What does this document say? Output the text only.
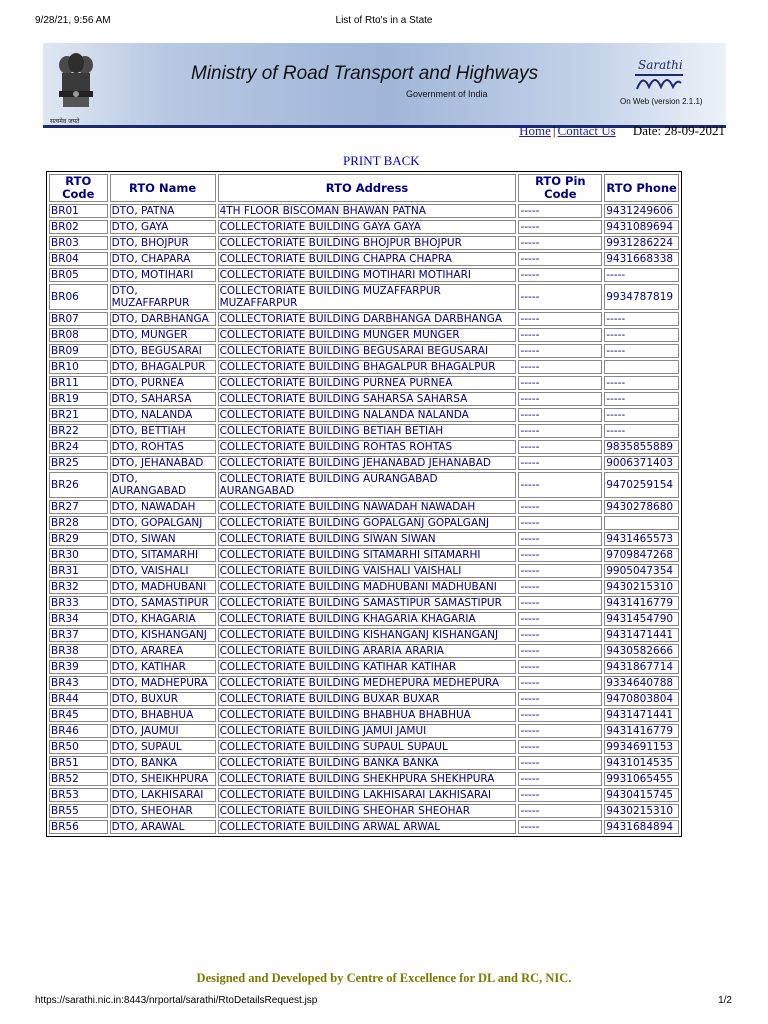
9/28/21, 9:56 AM	List of Rto's in a State
सत्यमेव जयते
Ministry of Road Transport and Highways
Government of India
Sarathi
On Web (version 2.1.1)
Home | Contact Us Date: 28-09-2021
PRINT BACK
RTO Code	RTO Name	RTO Address	RTO Pin Code	RTO Phone
BR01	DTO, PATNA	4TH FLOOR BISCOMAN BHAWAN PATNA	-----	9431249606
BR02	DTO, GAYA	COLLECTORIATE BUILDING GAYA GAYA	-----	9431089694
BR03	DTO, BHOJPUR	COLLECTORIATE BUILDING BHOJPUR BHOJPUR	-----	9931286224
BR04	DTO, CHAPARA	COLLECTORIATE BUILDING CHAPRA CHAPRA	-----	9431668338
BR05	DTO, MOTIHARI	COLLECTORIATE BUILDING MOTIHARI MOTIHARI	-----	-----
BR06	DTO, MUZAFFARPUR	COLLECTORIATE BUILDING MUZAFFARPUR MUZAFFARPUR	-----	9934787819
BR07	DTO, DARBHANGA	COLLECTORIATE BUILDING DARBHANGA DARBHANGA	-----	-----
BR08	DTO, MUNGER	COLLECTORIATE BUILDING MUNGER MUNGER	-----	-----
BR09	DTO, BEGUSARAI	COLLECTORIATE BUILDING BEGUSARAI BEGUSARAI	-----	-----
BR10	DTO, BHAGALPUR	COLLECTORIATE BUILDING BHAGALPUR BHAGALPUR	-----	
BR11	DTO, PURNEA	COLLECTORIATE BUILDING PURNEA PURNEA	-----	-----
BR19	DTO, SAHARSA	COLLECTORIATE BUILDING SAHARSA SAHARSA	-----	-----
BR21	DTO, NALANDA	COLLECTORIATE BUILDING NALANDA NALANDA	-----	-----
BR22	DTO, BETTIAH	COLLECTORIATE BUILDING BETIAH BETIAH	-----	-----
BR24	DTO, ROHTAS	COLLECTORIATE BUILDING ROHTAS ROHTAS	-----	9835855889
BR25	DTO, JEHANABAD	COLLECTORIATE BUILDING JEHANABAD JEHANABAD	-----	9006371403
BR26	DTO, AURANGABAD	COLLECTORIATE BUILDING AURANGABAD AURANGABAD	-----	9470259154
BR27	DTO, NAWADAH	COLLECTORIATE BUILDING NAWADAH NAWADAH	-----	9430278680
BR28	DTO, GOPALGANJ	COLLECTORIATE BUILDING GOPALGANJ GOPALGANJ	-----	
BR29	DTO, SIWAN	COLLECTORIATE BUILDING SIWAN SIWAN	-----	9431465573
BR30	DTO, SITAMARHI	COLLECTORIATE BUILDING SITAMARHI SITAMARHI	-----	9709847268
BR31	DTO, VAISHALI	COLLECTORIATE BUILDING VAISHALI VAISHALI	-----	9905047354
BR32	DTO, MADHUBANI	COLLECTORIATE BUILDING MADHUBANI MADHUBANI	-----	9430215310
BR33	DTO, SAMASTIPUR	COLLECTORIATE BUILDING SAMASTIPUR SAMASTIPUR	-----	9431416779
BR34	DTO, KHAGARIA	COLLECTORIATE BUILDING KHAGARIA KHAGARIA	-----	9431454790
BR37	DTO, KISHANGANJ	COLLECTORIATE BUILDING KISHANGANJ KISHANGANJ	-----	9431471441
BR38	DTO, ARAREA	COLLECTORIATE BUILDING ARARIA ARARIA	-----	9430582666
BR39	DTO, KATIHAR	COLLECTORIATE BUILDING KATIHAR KATIHAR	-----	9431867714
BR43	DTO, MADHEPURA	COLLECTORIATE BUILDING MEDHEPURA MEDHEPURA	-----	9334640788
BR44	DTO, BUXUR	COLLECTORIATE BUILDING BUXAR BUXAR	-----	9470803804
BR45	DTO, BHABHUA	COLLECTORIATE BUILDING BHABHUA BHABHUA	-----	9431471441
BR46	DTO, JAUMUI	COLLECTORIATE BUILDING JAMUI JAMUI	-----	9431416779
BR50	DTO, SUPAUL	COLLECTORIATE BUILDING SUPAUL SUPAUL	-----	9934691153
BR51	DTO, BANKA	COLLECTORIATE BUILDING BANKA BANKA	-----	9431014535
BR52	DTO, SHEIKHPURA	COLLECTORIATE BUILDING SHEKHPURA SHEKHPURA	-----	9931065455
BR53	DTO, LAKHISARAI	COLLECTORIATE BUILDING LAKHISARAI LAKHISARAI	-----	9430415745
BR55	DTO, SHEOHAR	COLLECTORIATE BUILDING SHEOHAR SHEOHAR	-----	9430215310
BR56	DTO, ARAWAL	COLLECTORIATE BUILDING ARWAL ARWAL	-----	9431684894
Designed and Developed by Centre of Excellence for DL and RC, NIC.
https://sarathi.nic.in:8443/nrportal/sarathi/RtoDetailsRequest.jsp	1/2
